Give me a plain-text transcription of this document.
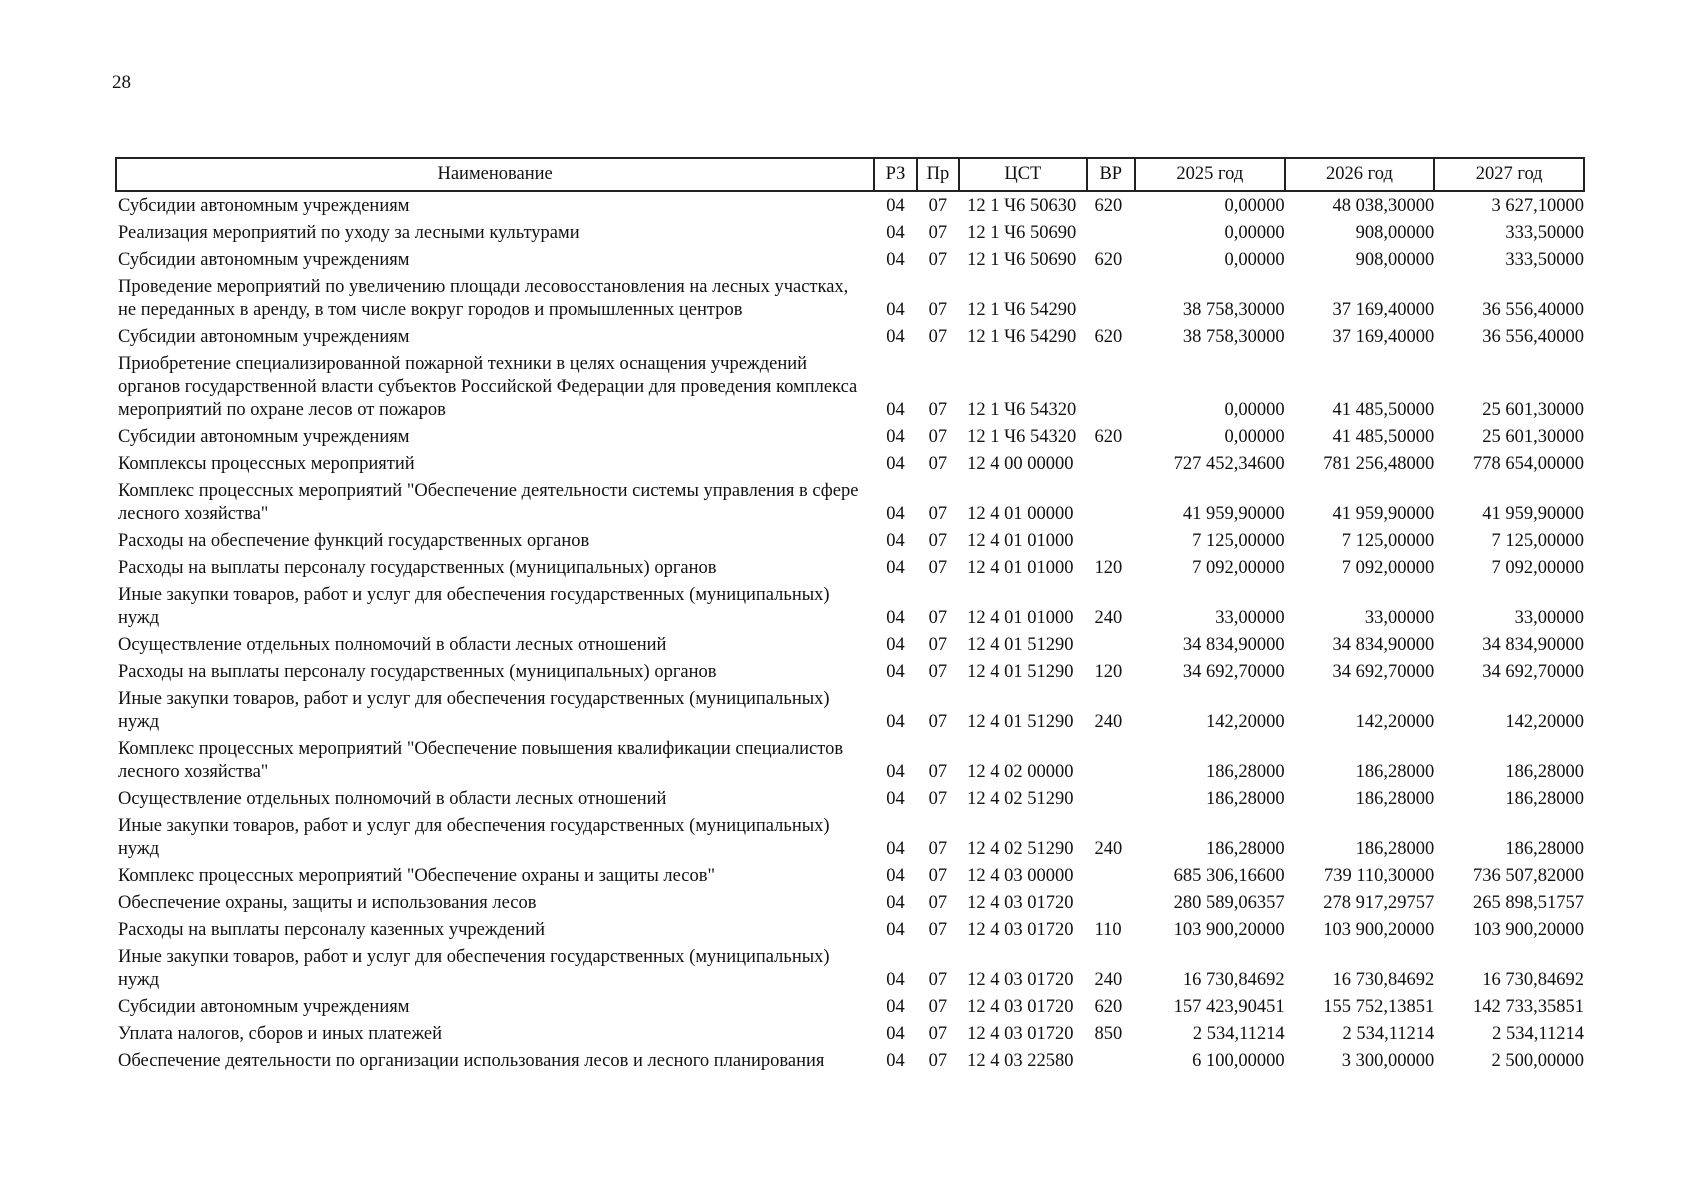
28
Наименование	РЗ	Пр	ЦСТ	ВР	2025 год	2026 год	2027 год
Субсидии автономным учреждениям	04	07	12 1 Ч6 50630	620	0,00000	48 038,30000	3 627,10000
Реализация мероприятий по уходу за лесными культурами	04	07	12 1 Ч6 50690		0,00000	908,00000	333,50000
Субсидии автономным учреждениям	04	07	12 1 Ч6 50690	620	0,00000	908,00000	333,50000
Проведение мероприятий по увеличению площади лесовосстановления на лесных участках, не переданных в аренду, в том числе вокруг городов и промышленных центров	04	07	12 1 Ч6 54290		38 758,30000	37 169,40000	36 556,40000
Субсидии автономным учреждениям	04	07	12 1 Ч6 54290	620	38 758,30000	37 169,40000	36 556,40000
Приобретение специализированной пожарной техники в целях оснащения учреждений органов государственной власти субъектов Российской Федерации для проведения комплекса мероприятий по охране лесов от пожаров	04	07	12 1 Ч6 54320		0,00000	41 485,50000	25 601,30000
Субсидии автономным учреждениям	04	07	12 1 Ч6 54320	620	0,00000	41 485,50000	25 601,30000
Комплексы процессных мероприятий	04	07	12 4 00 00000		727 452,34600	781 256,48000	778 654,00000
Комплекс процессных мероприятий "Обеспечение деятельности системы управления в сфере лесного хозяйства"	04	07	12 4 01 00000		41 959,90000	41 959,90000	41 959,90000
Расходы на обеспечение функций государственных органов	04	07	12 4 01 01000		7 125,00000	7 125,00000	7 125,00000
Расходы на выплаты персоналу государственных (муниципальных) органов	04	07	12 4 01 01000	120	7 092,00000	7 092,00000	7 092,00000
Иные закупки товаров, работ и услуг для обеспечения государственных (муниципальных) нужд	04	07	12 4 01 01000	240	33,00000	33,00000	33,00000
Осуществление отдельных полномочий в области лесных отношений	04	07	12 4 01 51290		34 834,90000	34 834,90000	34 834,90000
Расходы на выплаты персоналу государственных (муниципальных) органов	04	07	12 4 01 51290	120	34 692,70000	34 692,70000	34 692,70000
Иные закупки товаров, работ и услуг для обеспечения государственных (муниципальных) нужд	04	07	12 4 01 51290	240	142,20000	142,20000	142,20000
Комплекс процессных мероприятий "Обеспечение повышения квалификации специалистов лесного хозяйства"	04	07	12 4 02 00000		186,28000	186,28000	186,28000
Осуществление отдельных полномочий в области лесных отношений	04	07	12 4 02 51290		186,28000	186,28000	186,28000
Иные закупки товаров, работ и услуг для обеспечения государственных (муниципальных) нужд	04	07	12 4 02 51290	240	186,28000	186,28000	186,28000
Комплекс процессных мероприятий "Обеспечение охраны и защиты лесов"	04	07	12 4 03 00000		685 306,16600	739 110,30000	736 507,82000
Обеспечение охраны, защиты и использования лесов	04	07	12 4 03 01720		280 589,06357	278 917,29757	265 898,51757
Расходы на выплаты персоналу казенных учреждений	04	07	12 4 03 01720	110	103 900,20000	103 900,20000	103 900,20000
Иные закупки товаров, работ и услуг для обеспечения государственных (муниципальных) нужд	04	07	12 4 03 01720	240	16 730,84692	16 730,84692	16 730,84692
Субсидии автономным учреждениям	04	07	12 4 03 01720	620	157 423,90451	155 752,13851	142 733,35851
Уплата налогов, сборов и иных платежей	04	07	12 4 03 01720	850	2 534,11214	2 534,11214	2 534,11214
Обеспечение деятельности по организации использования лесов и лесного планирования	04	07	12 4 03 22580		6 100,00000	3 300,00000	2 500,00000
